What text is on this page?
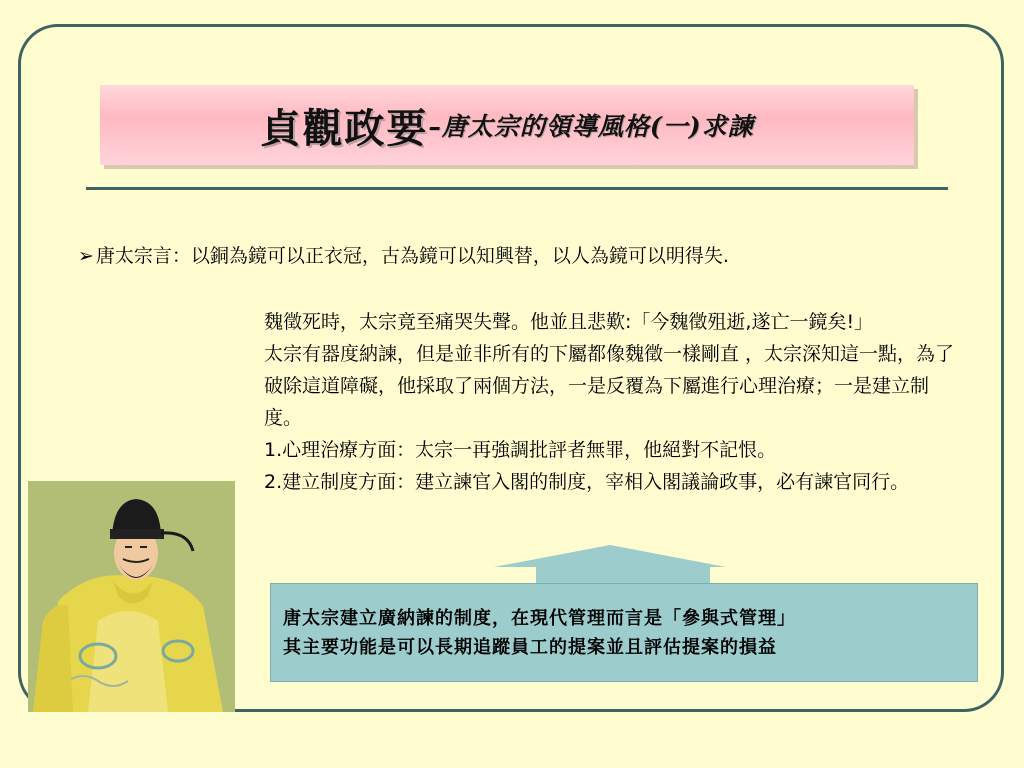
貞觀政要 –唐太宗的領導風格(一)求諫
➢ 唐太宗言：以銅為鏡可以正衣冠，古為鏡可以知興替，以人為鏡可以明得失.

魏徵死時，太宗竟至痛哭失聲。他並且悲歎:「今魏徵殂逝,遂亡一鏡矣!」

太宗有器度納諫，但是並非所有的下屬都像魏徵一樣剛直 ，太宗深知這一點，為了破除這道障礙，他採取了兩個方法，一是反覆為下屬進行心理治療；一是建立制度。

1.心理治療方面：太宗一再強調批評者無罪，他絕對不記恨。

2.建立制度方面：建立諫官入閣的制度，宰相入閣議論政事，必有諫官同行。

唐太宗建立廣納諫的制度，在現代管理而言是「參與式管理」
其主要功能是可以長期追蹤員工的提案並且評估提案的損益
